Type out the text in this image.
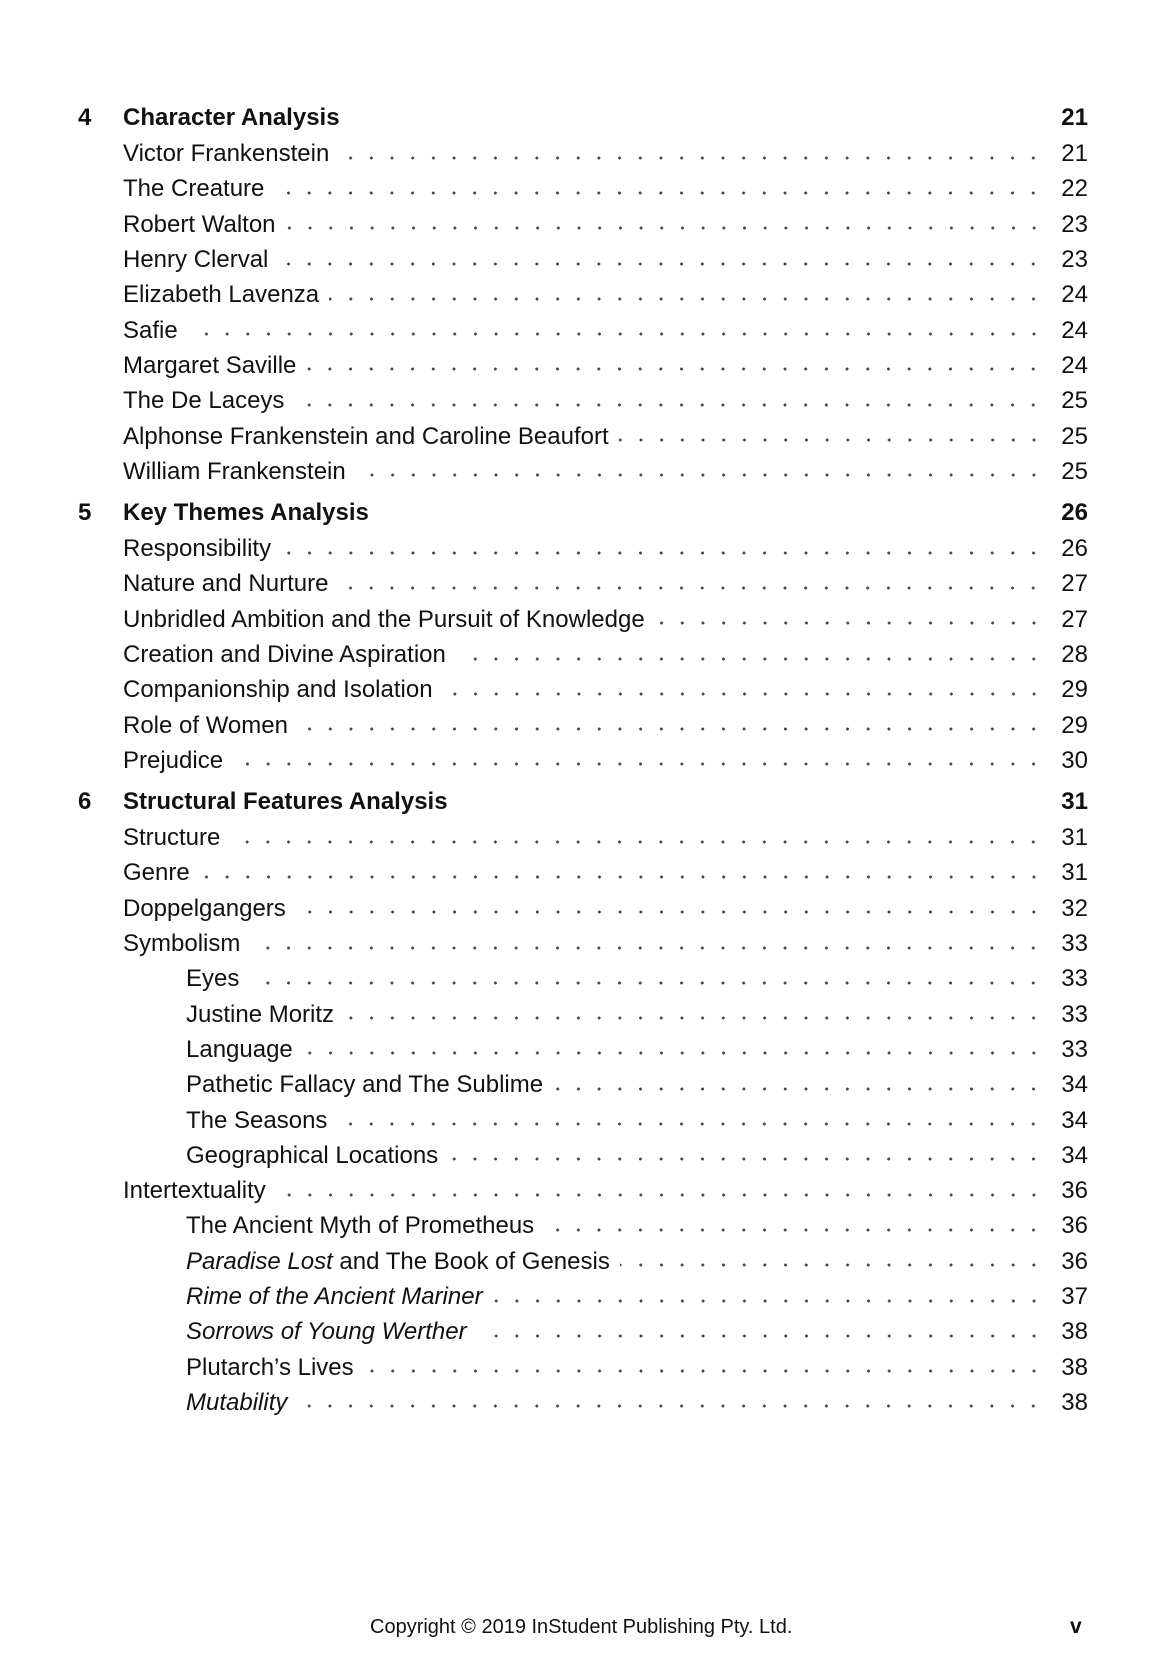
4 Character Analysis	21
Victor Frankenstein	21
The Creature	22
Robert Walton	23
Henry Clerval	23
Elizabeth Lavenza	24
Safie	24
Margaret Saville	24
The De Laceys	25
Alphonse Frankenstein and Caroline Beaufort	25
William Frankenstein	25
5 Key Themes Analysis	26
Responsibility	26
Nature and Nurture	27
Unbridled Ambition and the Pursuit of Knowledge	27
Creation and Divine Aspiration	28
Companionship and Isolation	29
Role of Women	29
Prejudice	30
6 Structural Features Analysis	31
Structure	31
Genre	31
Doppelgangers	32
Symbolism	33
Eyes	33
Justine Moritz	33
Language	33
Pathetic Fallacy and The Sublime	34
The Seasons	34
Geographical Locations	34
Intertextuality	36
The Ancient Myth of Prometheus	36
Paradise Lost and The Book of Genesis	36
Rime of the Ancient Mariner	37
Sorrows of Young Werther	38
Plutarch’s Lives	38
Mutability	38
Copyright © 2019 InStudent Publishing Pty. Ltd.	v
